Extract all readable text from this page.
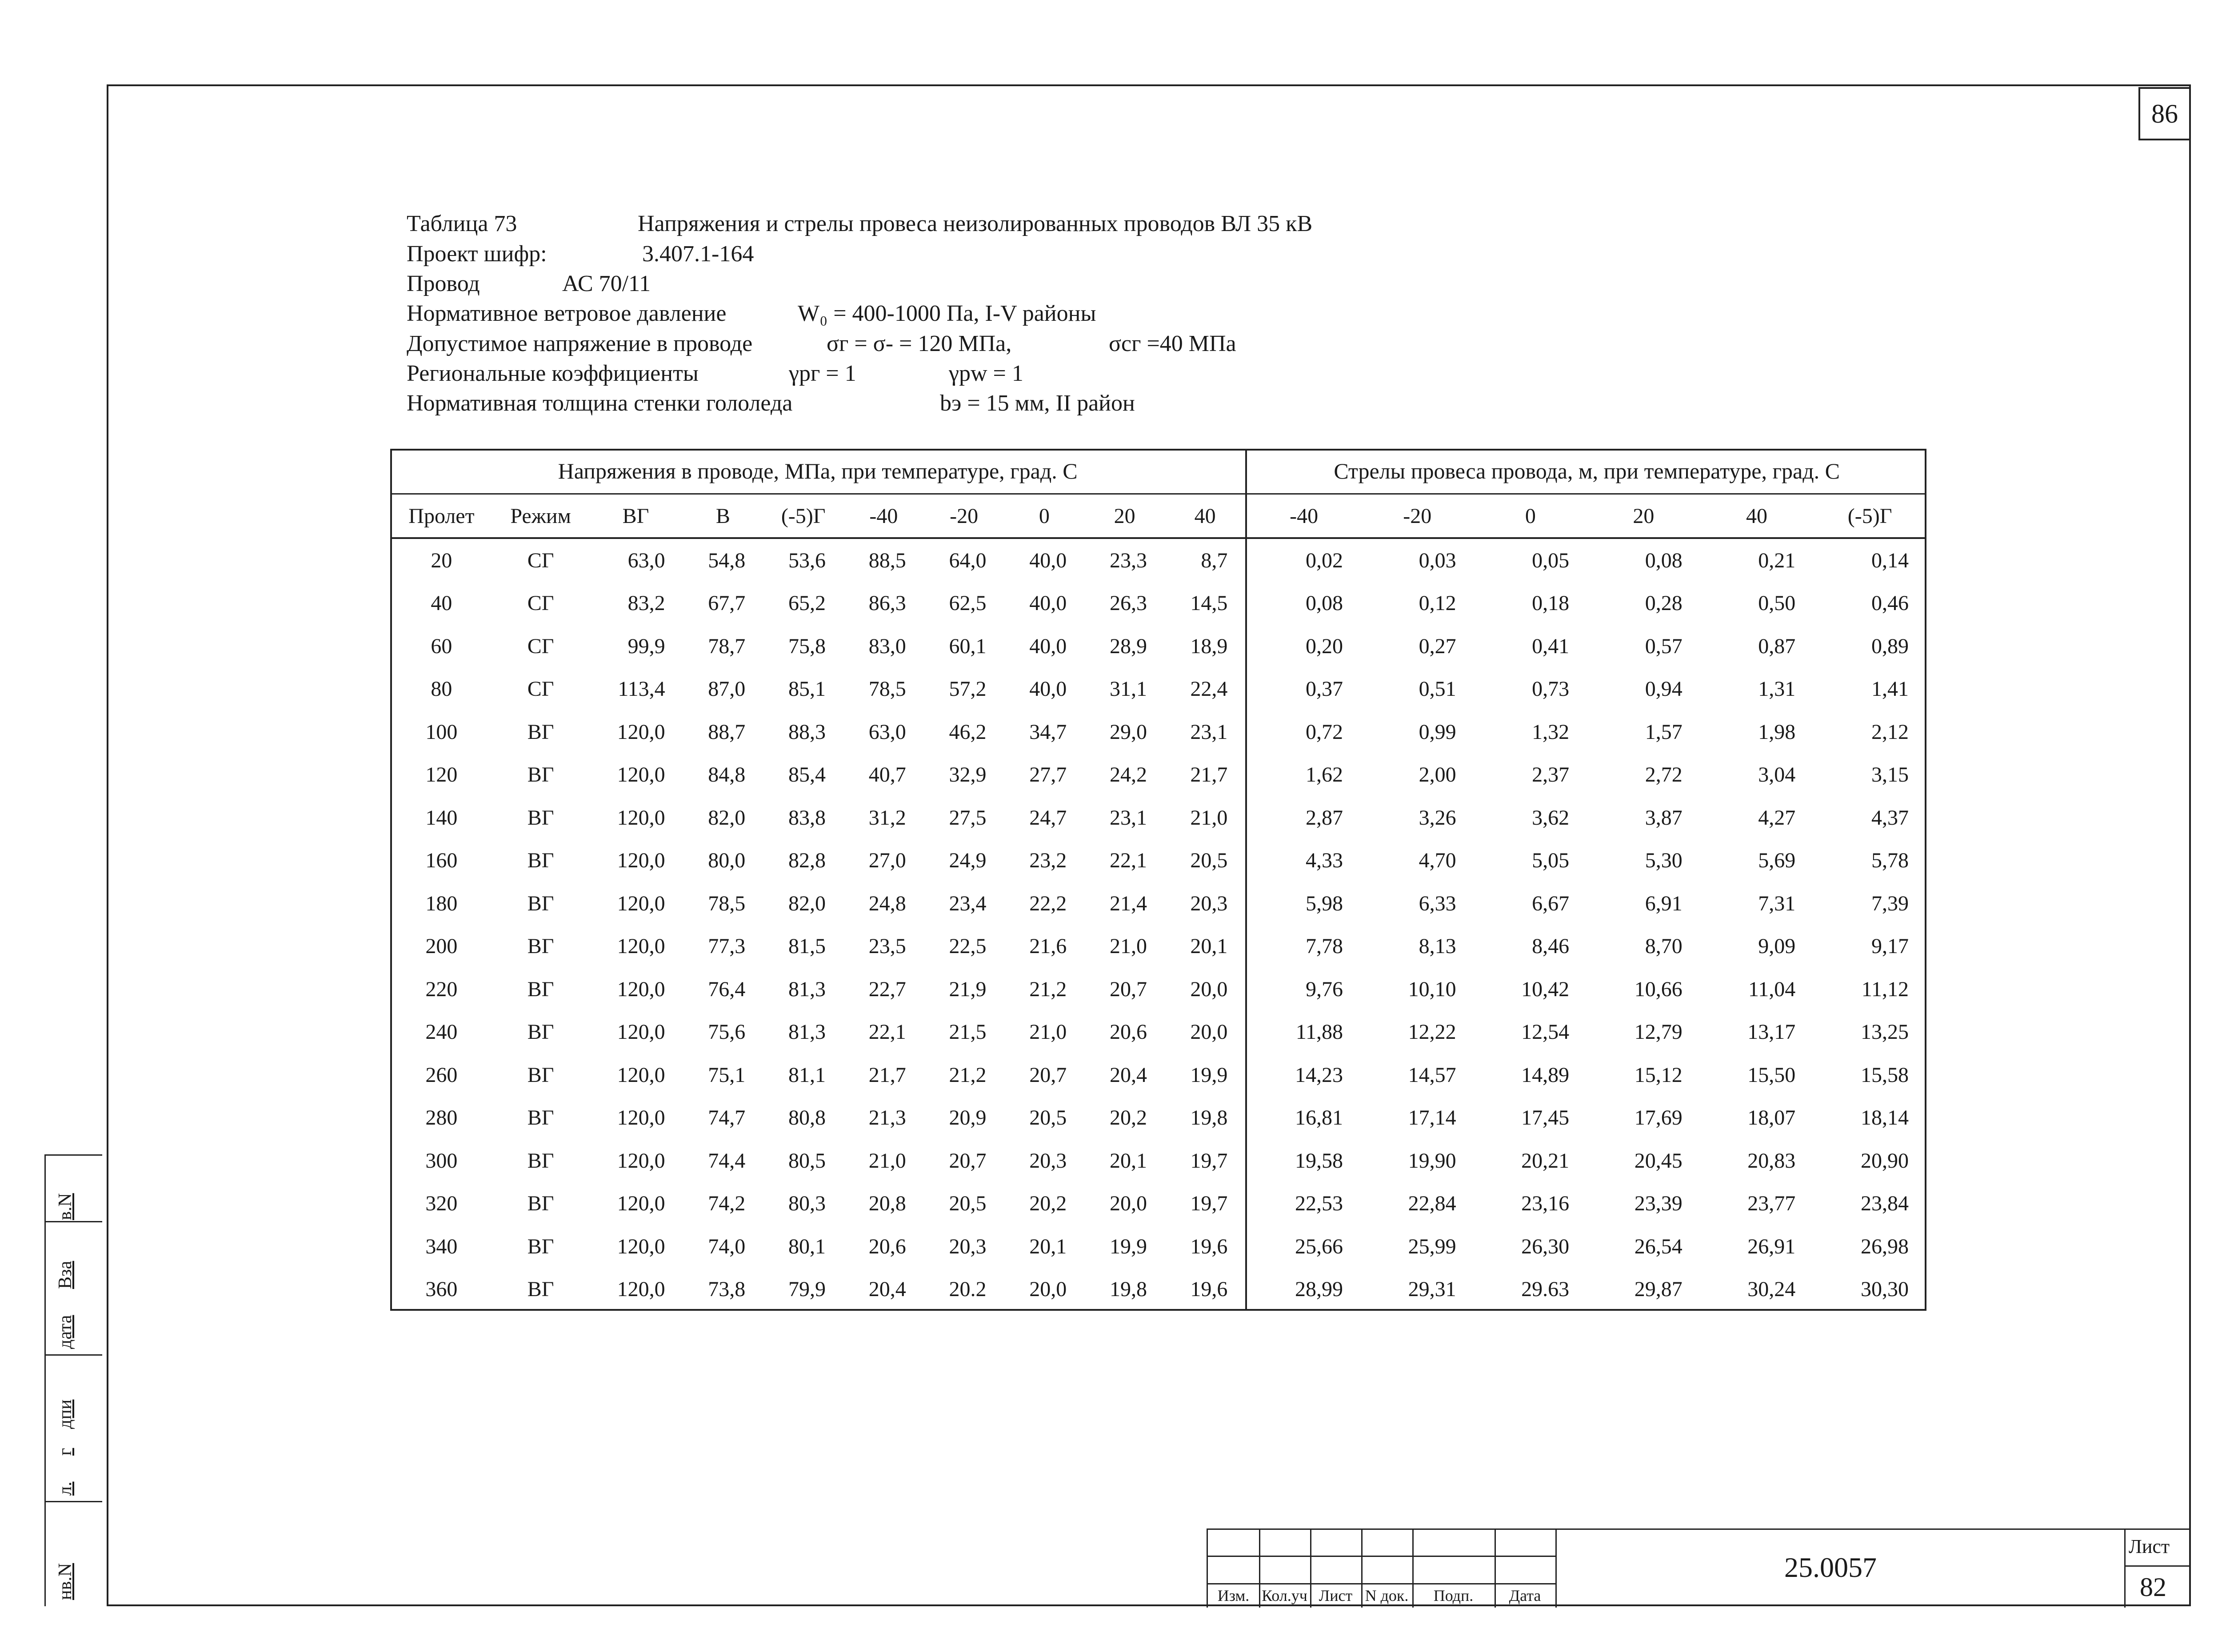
86
Таблица 73	Напряжения и стрелы провеса неизолированных проводов ВЛ 35 кВ
Проект шифр:	3.407.1-164
Провод	АС 70/11
Нормативное ветровое давление	W₀ = 400-1000 Па, I-V районы
Допустимое напряжение в проводе	σг = σ- = 120 МПа,	σсг =40 МПа
Региональные коэффициенты	γрг = 1	γрw = 1
Нормативная толщина стенки гололеда	bэ = 15 мм, II район
Напряжения в проводе, МПа, при температуре, град. С										Стрелы провеса провода, м, при температуре, град. С					
Пролет	Режим	ВГ	В	(-5)Г	-40	-20	0	20	40	-40	-20	0	20	40	(-5)Г
20	СГ	63,0	54,8	53,6	88,5	64,0	40,0	23,3	8,7	0,02	0,03	0,05	0,08	0,21	0,14
40	СГ	83,2	67,7	65,2	86,3	62,5	40,0	26,3	14,5	0,08	0,12	0,18	0,28	0,50	0,46
60	СГ	99,9	78,7	75,8	83,0	60,1	40,0	28,9	18,9	0,20	0,27	0,41	0,57	0,87	0,89
80	СГ	113,4	87,0	85,1	78,5	57,2	40,0	31,1	22,4	0,37	0,51	0,73	0,94	1,31	1,41
100	ВГ	120,0	88,7	88,3	63,0	46,2	34,7	29,0	23,1	0,72	0,99	1,32	1,57	1,98	2,12
120	ВГ	120,0	84,8	85,4	40,7	32,9	27,7	24,2	21,7	1,62	2,00	2,37	2,72	3,04	3,15
140	ВГ	120,0	82,0	83,8	31,2	27,5	24,7	23,1	21,0	2,87	3,26	3,62	3,87	4,27	4,37
160	ВГ	120,0	80,0	82,8	27,0	24,9	23,2	22,1	20,5	4,33	4,70	5,05	5,30	5,69	5,78
180	ВГ	120,0	78,5	82,0	24,8	23,4	22,2	21,4	20,3	5,98	6,33	6,67	6,91	7,31	7,39
200	ВГ	120,0	77,3	81,5	23,5	22,5	21,6	21,0	20,1	7,78	8,13	8,46	8,70	9,09	9,17
220	ВГ	120,0	76,4	81,3	22,7	21,9	21,2	20,7	20,0	9,76	10,10	10,42	10,66	11,04	11,12
240	ВГ	120,0	75,6	81,3	22,1	21,5	21,0	20,6	20,0	11,88	12,22	12,54	12,79	13,17	13,25
260	ВГ	120,0	75,1	81,1	21,7	21,2	20,7	20,4	19,9	14,23	14,57	14,89	15,12	15,50	15,58
280	ВГ	120,0	74,7	80,8	21,3	20,9	20,5	20,2	19,8	16,81	17,14	17,45	17,69	18,07	18,14
300	ВГ	120,0	74,4	80,5	21,0	20,7	20,3	20,1	19,7	19,58	19,90	20,21	20,45	20,83	20,90
320	ВГ	120,0	74,2	80,3	20,8	20,5	20,2	20,0	19,7	22,53	22,84	23,16	23,39	23,77	23,84
340	ВГ	120,0	74,0	80,1	20,6	20,3	20,1	19,9	19,6	25,66	25,99	26,30	26,54	26,91	26,98
360	ВГ	120,0	73,8	79,9	20,4	20.2	20,0	19,8	19,6	28,99	29,31	29.63	29,87	30,24	30,30
в.N
Вза
дата
дпи
г
л.
нв.N	Изм. Кол.уч Лист N док.	Подп.	Дата
25.0057
Лист
82
